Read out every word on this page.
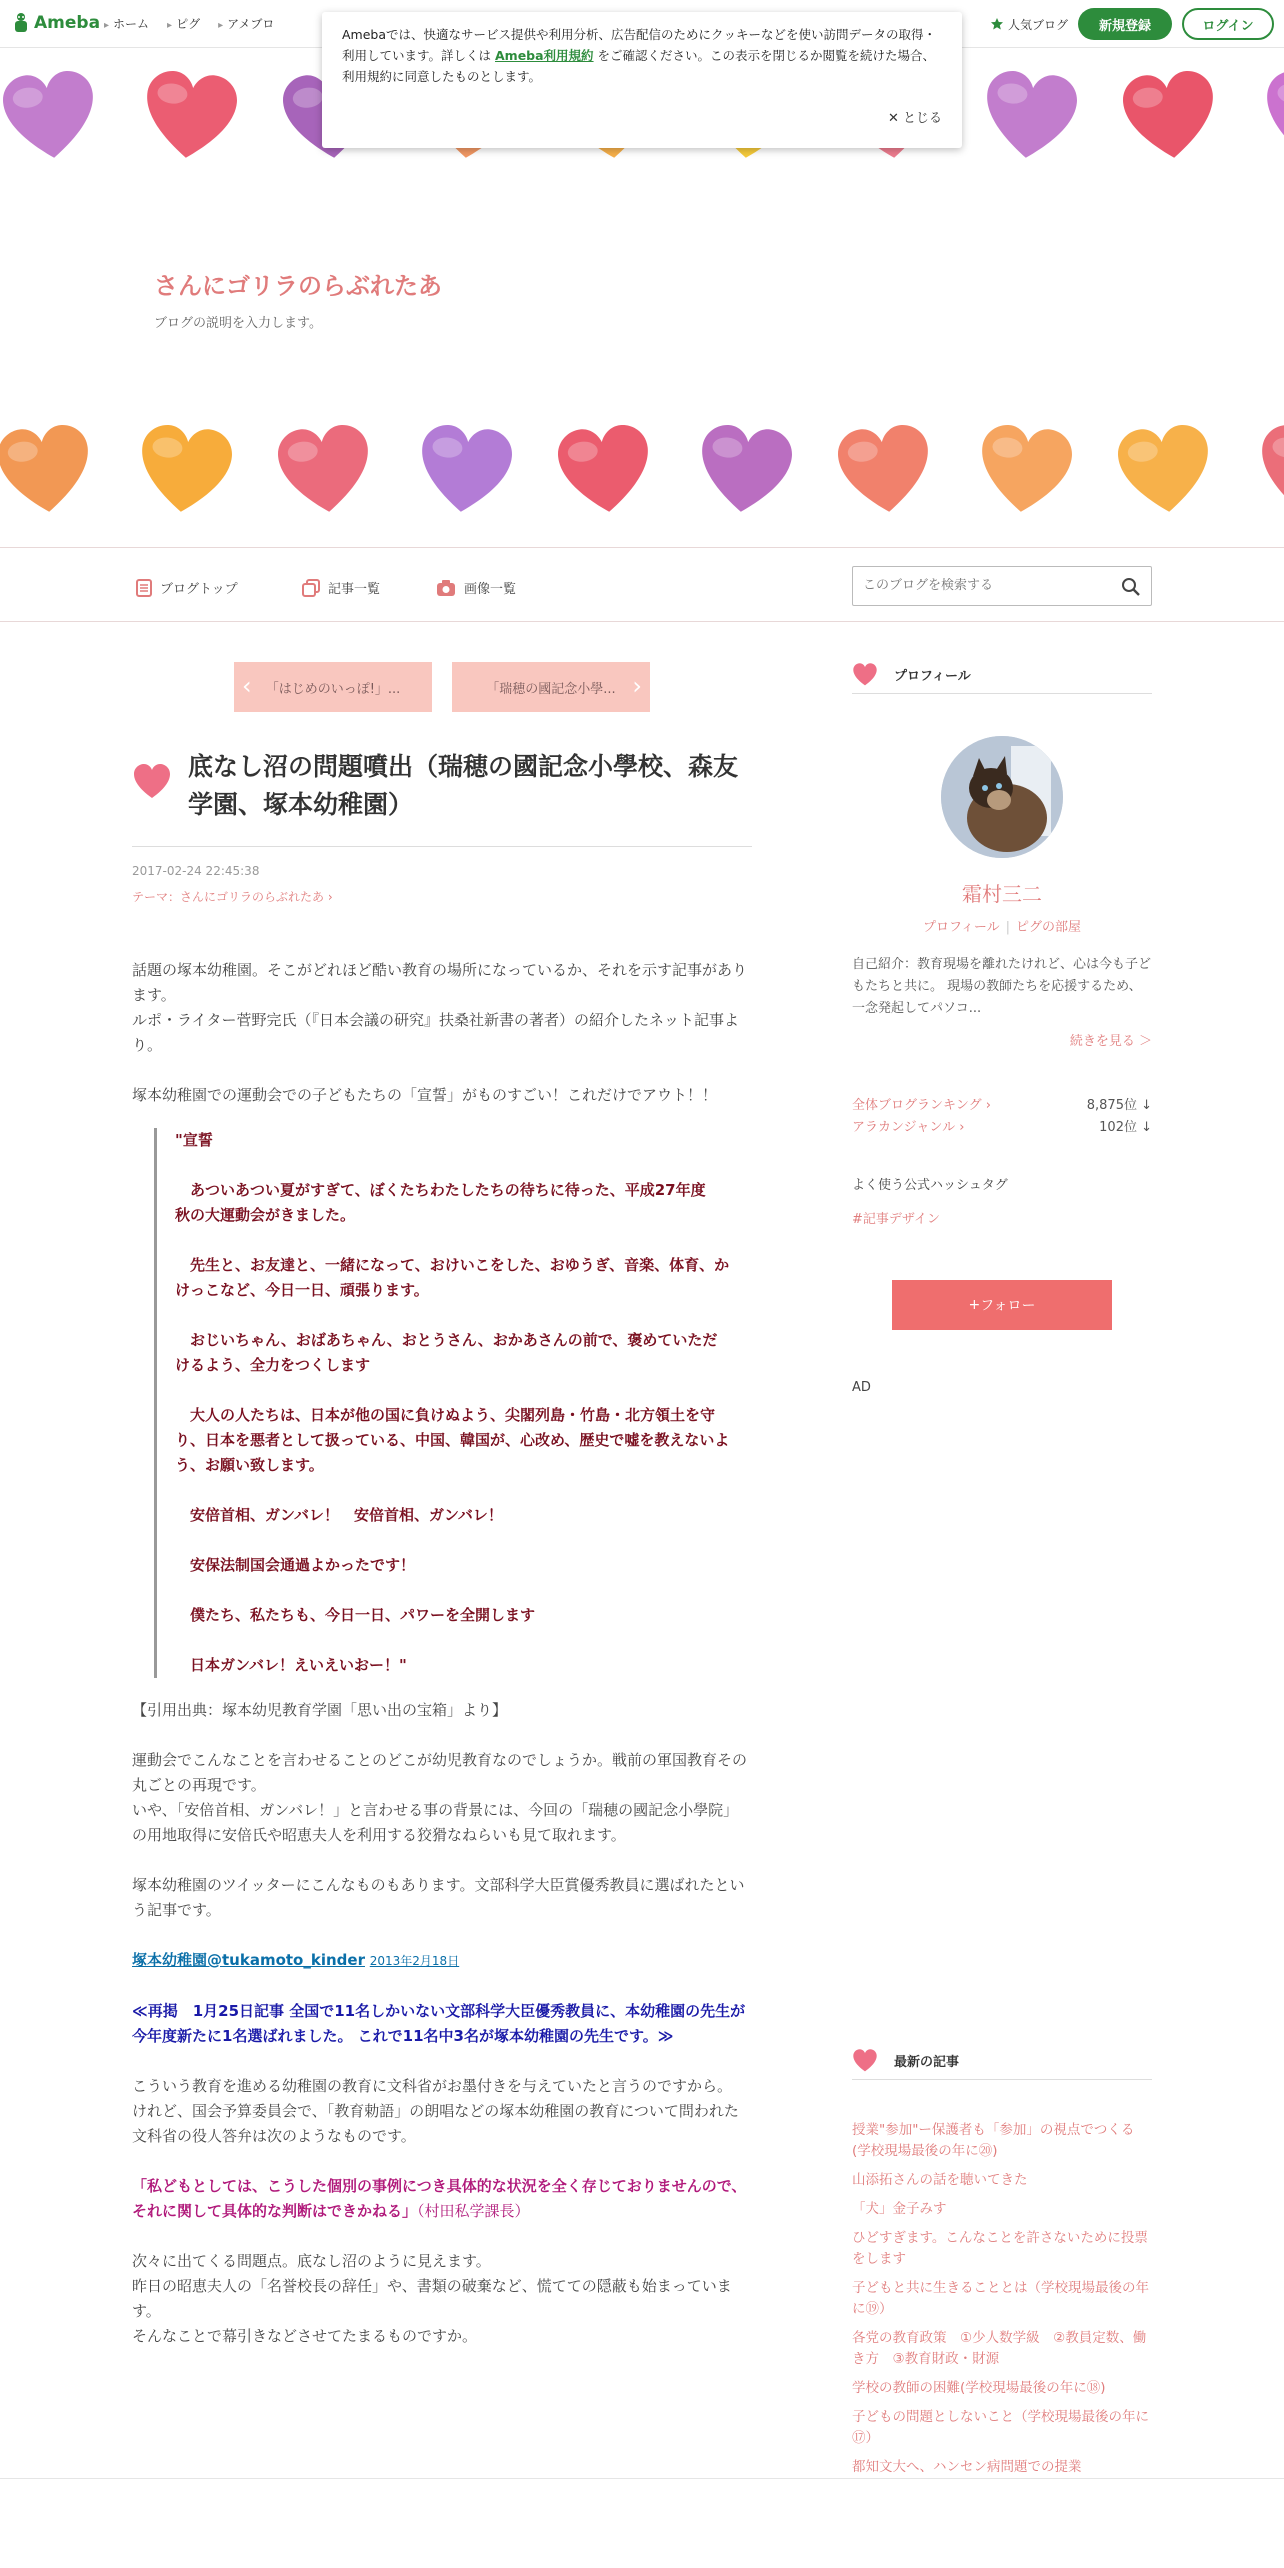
Ameba ▸ ホーム ▸ ピグ ▸ アメブロ	人気ブログ	新規登録	ログイン
Amebaでは、快適なサービス提供や利用分析、広告配信のためにクッキーなどを使い訪問データの取得・利用しています。詳しくは Ameba利用規約 をご確認ください。この表示を閉じるか閲覧を続けた場合、利用規約に同意したものとします。
✕ とじる
さんにゴリラのらぶれたあ
ブログの説明を入力します。
ブログトップ	記事一覧	画像一覧
このブログを検索する
‹ 「はじめのいっぽ!」...	「瑞穂の國記念小學... ›
底なし沼の問題噴出（瑞穂の國記念小學校、森友学園、塚本幼稚園）
2017-02-24 22:45:38
テーマ：さんにゴリラのらぶれたあ ›

話題の塚本幼稚園。そこがどれほど酷い教育の場所になっているか、それを示す記事があります。

ルポ・ライター菅野完氏（『日本会議の研究』扶桑社新書の著者）の紹介したネット記事より。

塚本幼稚園での運動会での子どもたちの「宣誓」がものすごい！これだけでアウト！！

"宣誓

あついあつい夏がすぎて、ぼくたちわたしたちの待ちに待った、平成27年度　秋の大運動会がきました。

先生と、お友達と、一緒になって、おけいこをした、おゆうぎ、音楽、体育、かけっこなど、今日一日、頑張ります。

おじいちゃん、おばあちゃん、おとうさん、おかあさんの前で、褒めていただけるよう、全力をつくします

大人の人たちは、日本が他の国に負けぬよう、尖閣列島・竹島・北方領土を守り、日本を悪者として扱っている、中国、韓国が、心改め、歴史で嘘を教えないよう、お願い致します。

安倍首相、ガンバレ！　安倍首相、ガンバレ！

安保法制国会通過よかったです！

僕たち、私たちも、今日一日、パワーを全開します

日本ガンバレ！えいえいおー！"

【引用出典：塚本幼児教育学園「思い出の宝箱」より】

運動会でこんなことを言わせることのどこが幼児教育なのでしょうか。戦前の軍国教育その丸ごとの再現です。

いや、「安倍首相、ガンバレ！」と言わせる事の背景には、今回の「瑞穂の國記念小學院」の用地取得に安倍氏や昭恵夫人を利用する狡猾なねらいも見て取れます。

塚本幼稚園のツイッターにこんなものもあります。文部科学大臣賞優秀教員に選ばれたという記事です。

塚本幼稚園@tukamoto_kinder 2013年2月18日

≪再掲　1月25日記事 全国で11名しかいない文部科学大臣優秀教員に、本幼稚園の先生が今年度新たに1名選ばれました。 これで11名中3名が塚本幼稚園の先生です。≫

こういう教育を進める幼稚園の教育に文科省がお墨付きを与えていたと言うのですから。

けれど、国会予算委員会で、「教育勅語」の朗唱などの塚本幼稚園の教育について問われた文科省の役人答弁は次のようなものです。

「私どもとしては、こうした個別の事例につき具体的な状況を全く存じておりませんので、それに関して具体的な判断はできかねる」（村田私学課長）

次々に出てくる問題点。底なし沼のように見えます。

昨日の昭恵夫人の「名誉校長の辞任」や、書類の破棄など、慌てての隠蔽も始まっています。

そんなことで幕引きなどさせてたまるものですか。

プロフィール
霜村三二
プロフィール | ピグの部屋
自己紹介：教育現場を離れたけれど、心は今も子どもたちと共に。 現場の教師たちを応援するため、一念発起してパソコ...
続きを見る ＞
全体ブログランキング ›	8,875位 ↓
アラカンジャンル ›	102位 ↓
よく使う公式ハッシュタグ
#記事デザイン
+ フォロー
AD
最新の記事
授業"参加"ー保護者も「参加」の視点でつくる(学校現場最後の年に⑳)
山添拓さんの話を聴いてきた
「犬」金子みす
ひどすぎます。こんなことを許さないために投票をします
子どもと共に生きることとは（学校現場最後の年に⑲）
各党の教育政策　①少人数学級　②教員定数、働き方　③教育財政・財源
学校の教師の困難(学校現場最後の年に⑱)
子どもの問題としないこと（学校現場最後の年に⑰）
都知文大へ、ハンセン病問題での提業
